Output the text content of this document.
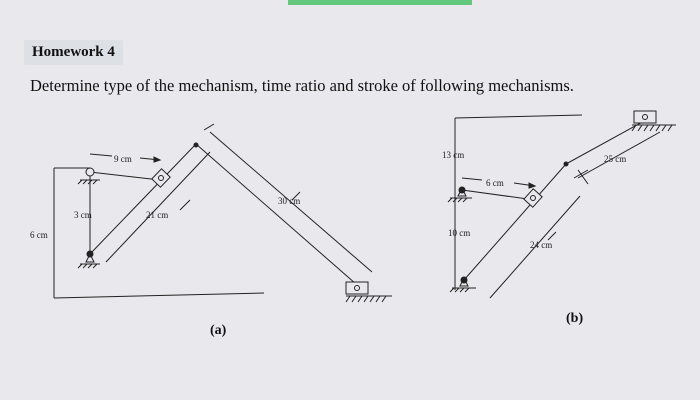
Homework 4
Determine type of the mechanism, time ratio and stroke of following mechanisms.
9 cm
3 cm
6 cm
21 cm
30 cm
(a)
13 cm
6 cm
10 cm
24 cm
25 cm
(b)
